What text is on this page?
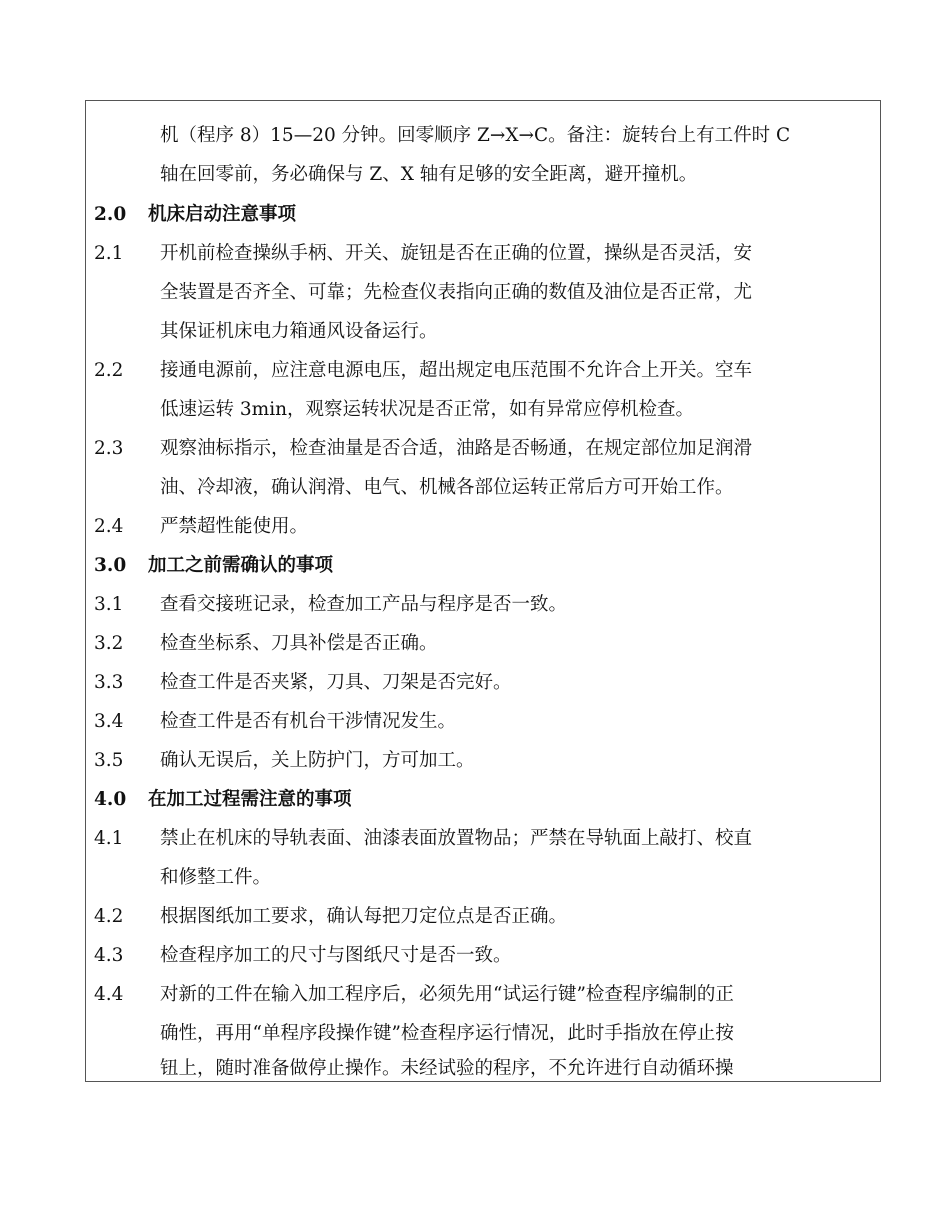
机（程序 8）15—20 分钟。回零顺序 Z→X→C。备注：旋转台上有工件时 C
轴在回零前，务必确保与 Z、X 轴有足够的安全距离，避开撞机。
2.0 机床启动注意事项
2.1 开机前检查操纵手柄、开关、旋钮是否在正确的位置，操纵是否灵活，安
全装置是否齐全、可靠；先检查仪表指向正确的数值及油位是否正常，尤
其保证机床电力箱通风设备运行。
2.2 接通电源前，应注意电源电压，超出规定电压范围不允许合上开关。空车
低速运转 3min，观察运转状况是否正常，如有异常应停机检查。
2.3 观察油标指示，检查油量是否合适，油路是否畅通，在规定部位加足润滑
油、冷却液，确认润滑、电气、机械各部位运转正常后方可开始工作。
2.4 严禁超性能使用。
3.0 加工之前需确认的事项
3.1 查看交接班记录，检查加工产品与程序是否一致。
3.2 检查坐标系、刀具补偿是否正确。
3.3 检查工件是否夹紧，刀具、刀架是否完好。
3.4 检查工件是否有机台干涉情况发生。
3.5 确认无误后，关上防护门，方可加工。
4.0 在加工过程需注意的事项
4.1 禁止在机床的导轨表面、油漆表面放置物品；严禁在导轨面上敲打、校直
和修整工件。
4.2 根据图纸加工要求，确认每把刀定位点是否正确。
4.3 检查程序加工的尺寸与图纸尺寸是否一致。
4.4 对新的工件在输入加工程序后，必须先用“试运行键”检查程序编制的正
确性，再用“单程序段操作键”检查程序运行情况，此时手指放在停止按
钮上，随时准备做停止操作。未经试验的程序，不允许进行自动循环操
